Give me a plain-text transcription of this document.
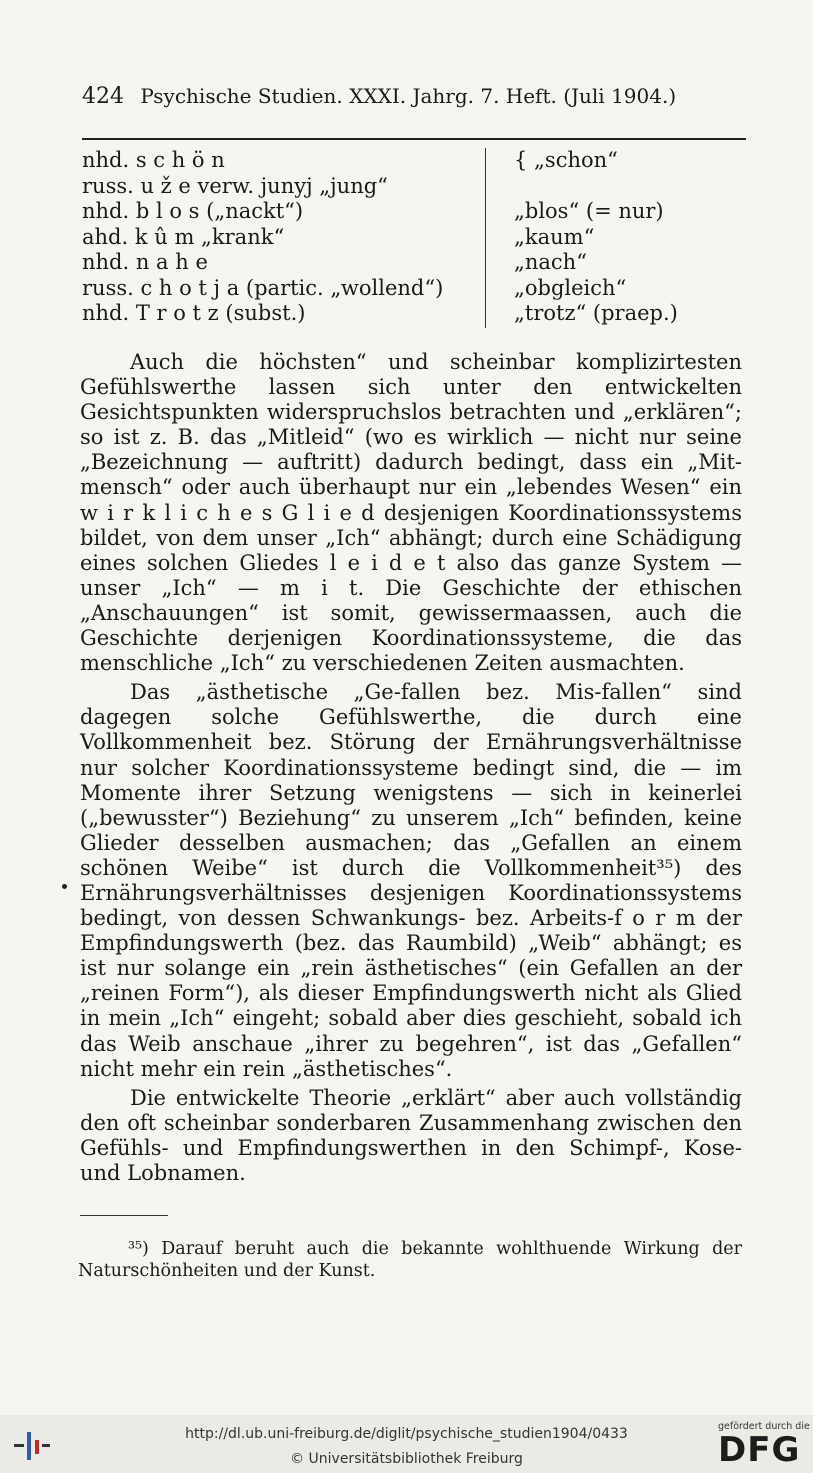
424 Psychische Studien. XXXI. Jahrg. 7. Heft. (Juli 1904.)
nhd. s c h ö n	{ „schon“
russ. u ž e verw. junyj „jung“
nhd. b l o s („nackt“)	„blos“ (= nur)
ahd. k û m „krank“	„kaum“
nhd. n a h e	„nach“
russ. c h o t j a (partic. „wollend“)	„obgleich“
nhd. T r o t z (subst.)	„trotz“ (praep.)

Auch die höchsten“ und scheinbar komplizirtesten Gefühlswerthe lassen sich unter den entwickelten Gesichtspunkten widerspruchslos betrachten und „erklären“; so ist z. B. das „Mitleid“ (wo es wirklich — nicht nur seine „Bezeichnung — auftritt) dadurch bedingt, dass ein „Mit-mensch“ oder auch überhaupt nur ein „lebendes Wesen“ ein w i r k l i c h e s G l i e d desjenigen Koordinationssystems bildet, von dem unser „Ich“ abhängt; durch eine Schädigung eines solchen Gliedes l e i d e t also das ganze System — unser „Ich“ — m i t. Die Geschichte der ethischen „Anschauungen“ ist somit, gewissermaassen, auch die Geschichte derjenigen Koordinationssysteme, die das menschliche „Ich“ zu verschiedenen Zeiten ausmachten.

Das „ästhetische „Ge-fallen bez. Mis-fallen“ sind dagegen solche Gefühlswerthe, die durch eine Vollkommenheit bez. Störung der Ernährungsverhältnisse nur solcher Koordinationssysteme bedingt sind, die — im Momente ihrer Setzung wenigstens — sich in keinerlei („bewusster“) Beziehung“ zu unserem „Ich“ befinden, keine Glieder desselben ausmachen; das „Gefallen an einem schönen Weibe“ ist durch die Vollkommenheit³⁵) des Ernährungsverhältnisses desjenigen Koordinationssystems bedingt, von dessen Schwankungs- bez. Arbeits-f o r m der Empfindungswerth (bez. das Raumbild) „Weib“ abhängt; es ist nur solange ein „rein ästhetisches“ (ein Gefallen an der „reinen Form“), als dieser Empfindungswerth nicht als Glied in mein „Ich“ eingeht; sobald aber dies geschieht, sobald ich das Weib anschaue „ihrer zu begehren“, ist das „Gefallen“ nicht mehr ein rein „ästhetisches“.

Die entwickelte Theorie „erklärt“ aber auch vollständig den oft scheinbar sonderbaren Zusammenhang zwischen den Gefühls- und Empfindungswerthen in den Schimpf-, Kose- und Lobnamen.

³⁵) Darauf beruht auch die bekannte wohlthuende Wirkung der Naturschönheiten und der Kunst.
http://dl.ub.uni-freiburg.de/diglit/psychische_studien1904/0433
© Universitätsbibliothek Freiburg
gefördert durch die
DFG
